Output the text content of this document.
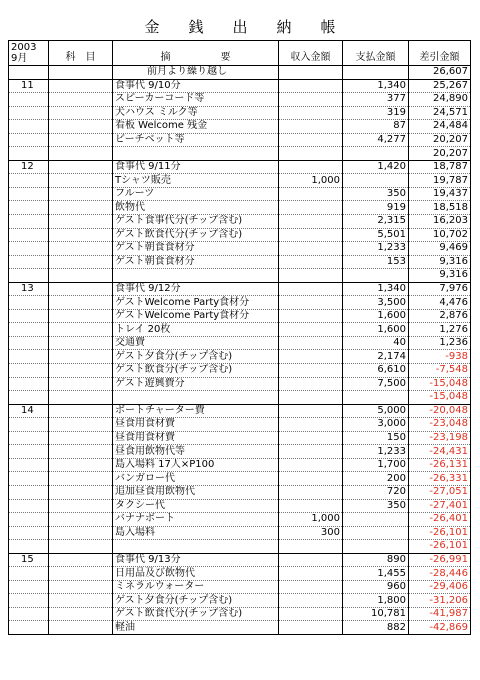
金 銭 出 納 帳
2003
9月	科　目	摘　　　　　要	収入金額	支払金額	差引金額
		前月より繰り越し			26,607
11		食事代 9/10分		1,340	25,267
		スピーカーコード等		377	24,890
		犬ハウス ミルク等		319	24,571
		看板 Welcome 残金		87	24,484
		ビーチベット等		4,277	20,207
					20,207
12		食事代 9/11分		1,420	18,787
		Tシャツ販売	1,000		19,787
		フルーツ		350	19,437
		飲物代		919	18,518
		ゲスト食事代分(チップ含む)		2,315	16,203
		ゲスト飲食代分(チップ含む)		5,501	10,702
		ゲスト朝食食材分		1,233	9,469
		ゲスト朝食食材分		153	9,316
					9,316
13		食事代 9/12分		1,340	7,976
		ゲストWelcome Party食材分		3,500	4,476
		ゲストWelcome Party食材分		1,600	2,876
		トレイ 20枚		1,600	1,276
		交通費		40	1,236
		ゲスト夕食分(チップ含む)		2,174	-938
		ゲスト飲食分(チップ含む)		6,610	-7,548
		ゲスト遊興費分		7,500	-15,048
					-15,048
14		ボートチャーター費		5,000	-20,048
		昼食用食材費		3,000	-23,048
		昼食用食材費		150	-23,198
		昼食用飲物代等		1,233	-24,431
		島入場料 17人×P100		1,700	-26,131
		バンガロー代		200	-26,331
		追加昼食用飲物代		720	-27,051
		タクシー代		350	-27,401
		バナナボート	1,000		-26,401
		島入場料	300		-26,101
					-26,101
15		食事代 9/13分		890	-26,991
		日用品及び飲物代		1,455	-28,446
		ミネラルウォーター		960	-29,406
		ゲスト夕食分(チップ含む)		1,800	-31,206
		ゲスト飲食代分(チップ含む)		10,781	-41,987
		軽油		882	-42,869
